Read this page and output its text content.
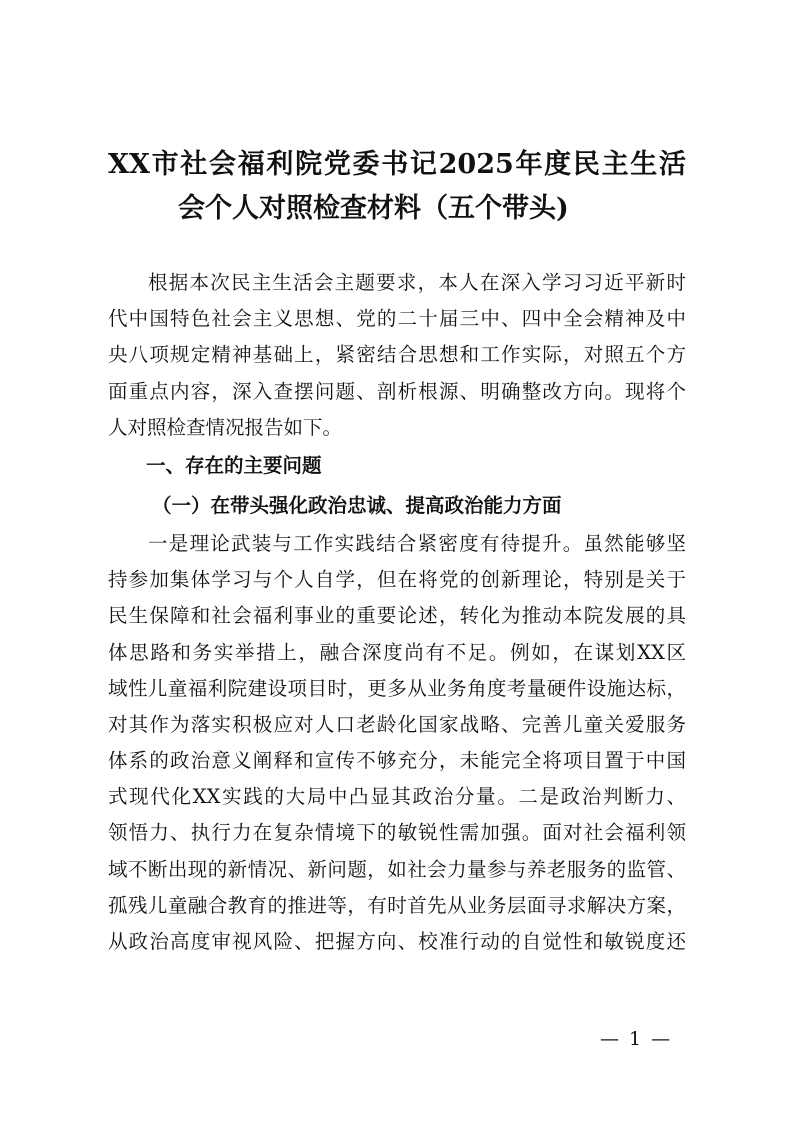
XX市社会福利院党委书记2025年度民主生活
会个人对照检查材料（五个带头)
根据本次民主生活会主题要求，本人在深入学习习近平新时
代中国特色社会主义思想、党的二十届三中、四中全会精神及中
央八项规定精神基础上，紧密结合思想和工作实际，对照五个方
面重点内容，深入查摆问题、剖析根源、明确整改方向。现将个
人对照检查情况报告如下。
一、存在的主要问题
（一）在带头强化政治忠诚、提高政治能力方面
一是理论武装与工作实践结合紧密度有待提升。虽然能够坚
持参加集体学习与个人自学，但在将党的创新理论，特别是关于
民生保障和社会福利事业的重要论述，转化为推动本院发展的具
体思路和务实举措上，融合深度尚有不足。例如，在谋划XX区
域性儿童福利院建设项目时，更多从业务角度考量硬件设施达标，
对其作为落实积极应对人口老龄化国家战略、完善儿童关爱服务
体系的政治意义阐释和宣传不够充分，未能完全将项目置于中国
式现代化XX实践的大局中凸显其政治分量。二是政治判断力、
领悟力、执行力在复杂情境下的敏锐性需加强。面对社会福利领
域不断出现的新情况、新问题，如社会力量参与养老服务的监管、
孤残儿童融合教育的推进等，有时首先从业务层面寻求解决方案，
从政治高度审视风险、把握方向、校准行动的自觉性和敏锐度还
— 1 —
